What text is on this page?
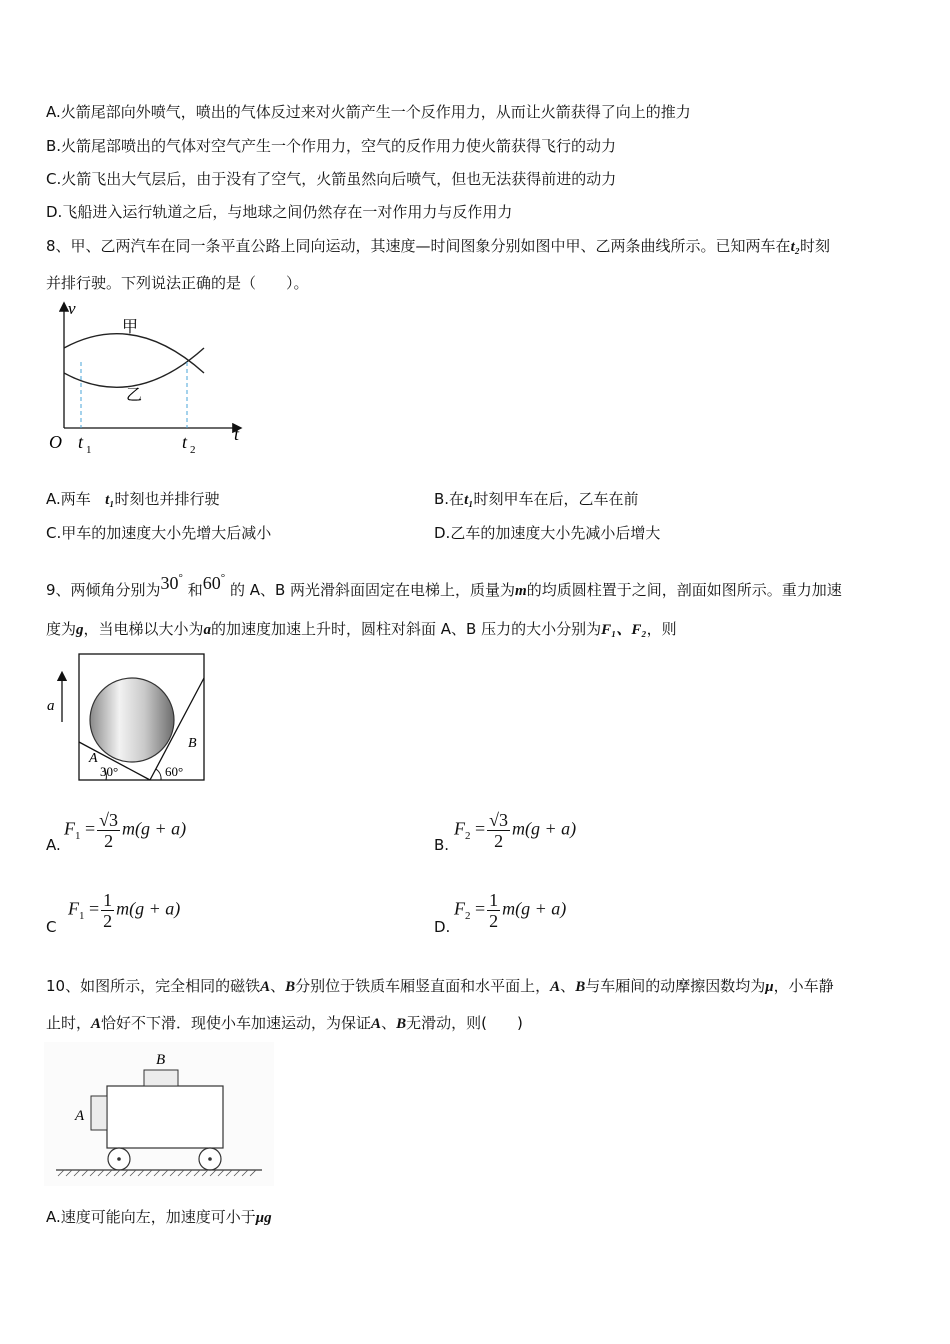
A.火箭尾部向外喷气，喷出的气体反过来对火箭产生一个反作用力，从而让火箭获得了向上的推力
B.火箭尾部喷出的气体对空气产生一个作用力，空气的反作用力使火箭获得飞行的动力
C.火箭飞出大气层后，由于没有了空气，火箭虽然向后喷气，但也无法获得前进的动力
D.飞船进入运行轨道之后，与地球之间仍然存在一对作用力与反作用力
8、甲、乙两汽车在同一条平直公路上同向运动，其速度—时间图象分别如图中甲、乙两条曲线所示。已知两车在t₂时刻
并排行驶。下列说法正确的是（　　）。
v
t
O t 1	t 2
甲
乙
A.两车 t₁时刻也并排行驶	B.在t₁时刻甲车在后，乙车在前
C.甲车的加速度大小先增大后减小	D.乙车的加速度大小先减小后增大
9、两倾角分别为30° 和60° 的 A、B 两光滑斜面固定在电梯上，质量为m的均质圆柱置于之间，剖面如图所示。重力加速
度为g，当电梯以大小为a的加速度加速上升时，圆柱对斜面 A、B 压力的大小分别为F₁、F₂，则
a
A
B
30°	60°
A.
$F_1 = \frac{√3}{2} m(g + a)$
B.
$F_2 = \frac{√3}{2} m(g + a)$
C
$F_1 = \frac{1}{2} m(g + a)$
D.
$F_2 = \frac{1}{2} m(g + a)$
10、如图所示，完全相同的磁铁A、B分别位于铁质车厢竖直面和水平面上，A、B与车厢间的动摩擦因数均为μ，小车静
止时，A恰好不下滑．现使小车加速运动，为保证A、B无滑动，则(　　)
B
A
A.速度可能向左，加速度可小于μg
